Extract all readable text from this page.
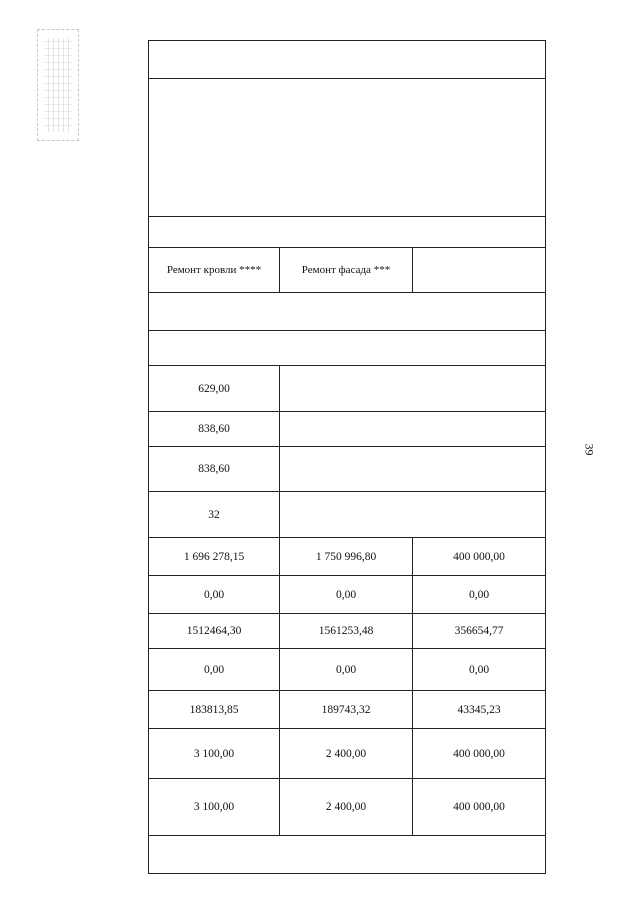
39

Ремонт кровли ****	Ремонт фасада ***	

629,00		
838,60		
838,60		
32		
1 696 278,15	1 750 996,80	400 000,00
0,00	0,00	0,00
1512464,30	1561253,48	356654,77
0,00	0,00	0,00
183813,85	189743,32	43345,23
3 100,00	2 400,00	400 000,00
3 100,00	2 400,00	400 000,00
